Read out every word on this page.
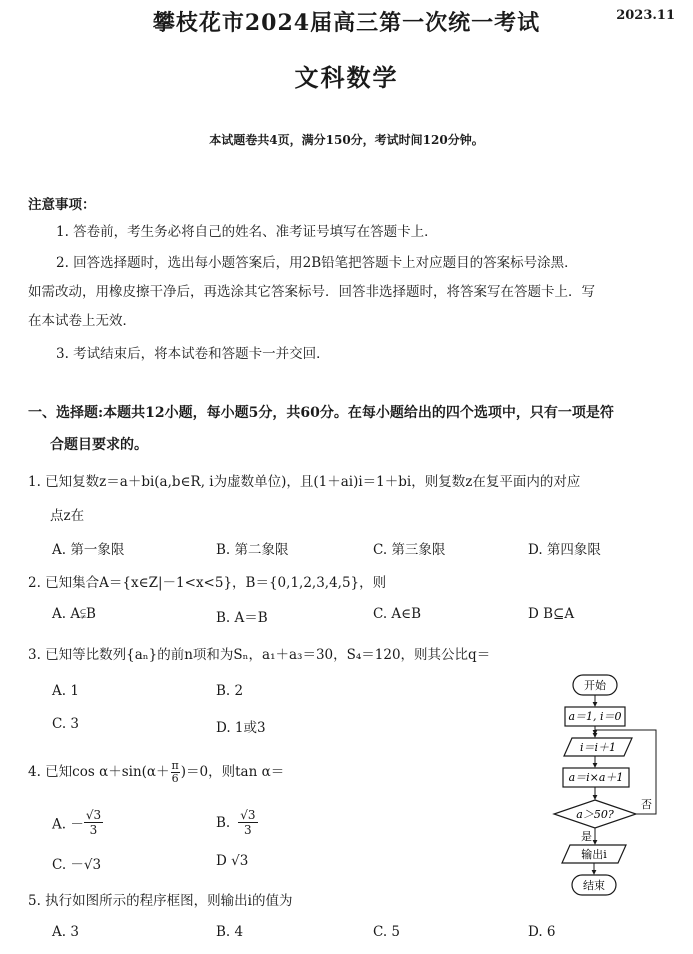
攀枝花市2024届高三第一次统一考试	2023.11
文科数学
本试题卷共4页，满分150分，考试时间120分钟。
注意事项：
1. 答卷前，考生务必将自己的姓名、准考证号填写在答题卡上．
2. 回答选择题时，选出每小题答案后，用2B铅笔把答题卡上对应题目的答案标号涂黑．
如需改动，用橡皮擦干净后，再选涂其它答案标号．回答非选择题时，将答案写在答题卡上．写
在本试卷上无效．
3. 考试结束后，将本试卷和答题卡一并交回．
一、选择题:本题共12小题，每小题5分，共60分。在每小题给出的四个选项中，只有一项是符
合题目要求的。
1. 已知复数z＝a＋bi(a,b∈R, i为虚数单位)，且(1＋ai)i＝1＋bi，则复数z在复平面内的对应
点z在
A. 第一象限	B. 第二象限	C. 第三象限	D. 第四象限
2. 已知集合A＝{x∈Z|－1<x<5}，B＝{0,1,2,3,4,5}，则
A. A⫋B	B. A＝B	C. A∈B	D B⊆A
3. 已知等比数列{aₙ}的前n项和为Sₙ，a₁＋a₃＝30，S₄＝120，则其公比q＝
A. 1	B. 2
C. 3	D. 1或3
4. 已知$\cos \alpha+\sin(\alpha+ \frac{\pi}{6} )=0$，则tan α＝
A. － $\frac{√3}{3}$	B. $\frac{√3}{3}$
C. －√3	D √3
5. 执行如图所示的程序框图，则输出i的值为
A. 3	B. 4	C. 5	D. 6
开始
a＝1, i＝0
i＝i＋1
a＝i×a＋1
a＞50?
否
是
输出i
结束
